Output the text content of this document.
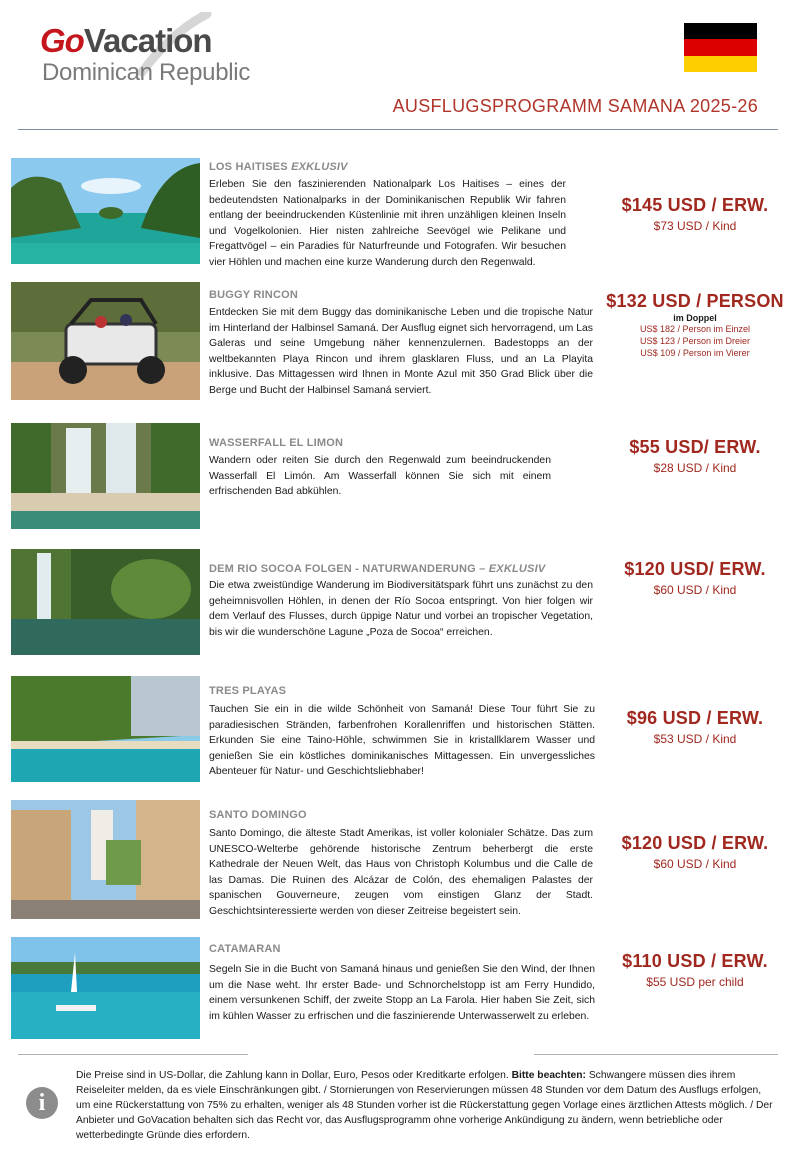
GoVacation
Dominican Republic
AUSFLUGSPROGRAMM SAMANA 2025-26
LOS HAITISES EXKLUSIV
Erleben Sie den faszinierenden Nationalpark Los Haitises – eines der bedeutendsten Nationalparks in der Dominikanischen Republik Wir fahren entlang der beeindruckenden Küstenlinie mit ihren unzähligen kleinen Inseln und Vogelkolonien. Hier nisten zahlreiche Seevögel wie Pelikane und Fregattvögel – ein Paradies für Naturfreunde und Fotografen. Wir besuchen vier Höhlen und machen eine kurze Wanderung durch den Regenwald.
$145 USD / ERW.
$73 USD / Kind
BUGGY RINCON
Entdecken Sie mit dem Buggy das dominikanische Leben und die tropische Natur im Hinterland der Halbinsel Samaná. Der Ausflug eignet sich hervorragend, um Las Galeras und seine Umgebung näher kennenzulernen. Badestopps an der weltbekannten Playa Rincon und ihrem glasklaren Fluss, und an La Playita inklusive. Das Mittagessen wird Ihnen in Monte Azul mit 350 Grad Blick über die Berge und Bucht der Halbinsel Samaná serviert.
$132 USD / PERSON
im Doppel
US$ 182 / Person im Einzel
US$ 123 / Person im Dreier
US$ 109 / Person im Vierer
WASSERFALL EL LIMON
Wandern oder reiten Sie durch den Regenwald zum beeindruckenden Wasserfall El Limón. Am Wasserfall können Sie sich mit einem erfrischenden Bad abkühlen.
$55 USD/ ERW.
$28 USD / Kind
DEM RIO SOCOA FOLGEN - NATURWANDERUNG – EXKLUSIV
Die etwa zweistündige Wanderung im Biodiversitätspark führt uns zunächst zu den geheimnisvollen Höhlen, in denen der Río Socoa entspringt. Von hier folgen wir dem Verlauf des Flusses, durch üppige Natur und vorbei an tropischer Vegetation, bis wir die wunderschöne Lagune „Poza de Socoa“ erreichen.
$120 USD/ ERW.
$60 USD / Kind
TRES PLAYAS
Tauchen Sie ein in die wilde Schönheit von Samaná! Diese Tour führt Sie zu paradiesischen Stränden, farbenfrohen Korallenriffen und historischen Stätten. Erkunden Sie eine Taino-Höhle, schwimmen Sie in kristallklarem Wasser und genießen Sie ein köstliches dominikanisches Mittagessen. Ein unvergessliches Abenteuer für Natur- und Geschichtsliebhaber!
$96 USD / ERW.
$53 USD / Kind
SANTO DOMINGO
Santo Domingo, die älteste Stadt Amerikas, ist voller kolonialer Schätze. Das zum UNESCO-Welterbe gehörende historische Zentrum beherbergt die erste Kathedrale der Neuen Welt, das Haus von Christoph Kolumbus und die Calle de las Damas. Die Ruinen des Alcázar de Colón, des ehemaligen Palastes der spanischen Gouverneure, zeugen vom einstigen Glanz der Stadt. Geschichtsinteressierte werden von dieser Zeitreise begeistert sein.
$120 USD / ERW.
$60 USD / Kind
CATAMARAN
Segeln Sie in die Bucht von Samaná hinaus und genießen Sie den Wind, der Ihnen um die Nase weht. Ihr erster Bade- und Schnorchelstopp ist am Ferry Hundido, einem versunkenen Schiff, der zweite Stopp an La Farola. Hier haben Sie Zeit, sich im kühlen Wasser zu erfrischen und die faszinierende Unterwasserwelt zu erleben.
$110 USD / ERW.
$55 USD per child
i
Die Preise sind in US-Dollar, die Zahlung kann in Dollar, Euro, Pesos oder Kreditkarte erfolgen. Bitte beachten: Schwangere müssen dies ihrem Reiseleiter melden, da es viele Einschränkungen gibt. / Stornierungen von Reservierungen müssen 48 Stunden vor dem Datum des Ausflugs erfolgen, um eine Rückerstattung von 75% zu erhalten, weniger als 48 Stunden vorher ist die Rückerstattung gegen Vorlage eines ärztlichen Attests möglich. / Der Anbieter und GoVacation behalten sich das Recht vor, das Ausflugsprogramm ohne vorherige Ankündigung zu ändern, wenn betriebliche oder wetterbedingte Gründe dies erfordern.
